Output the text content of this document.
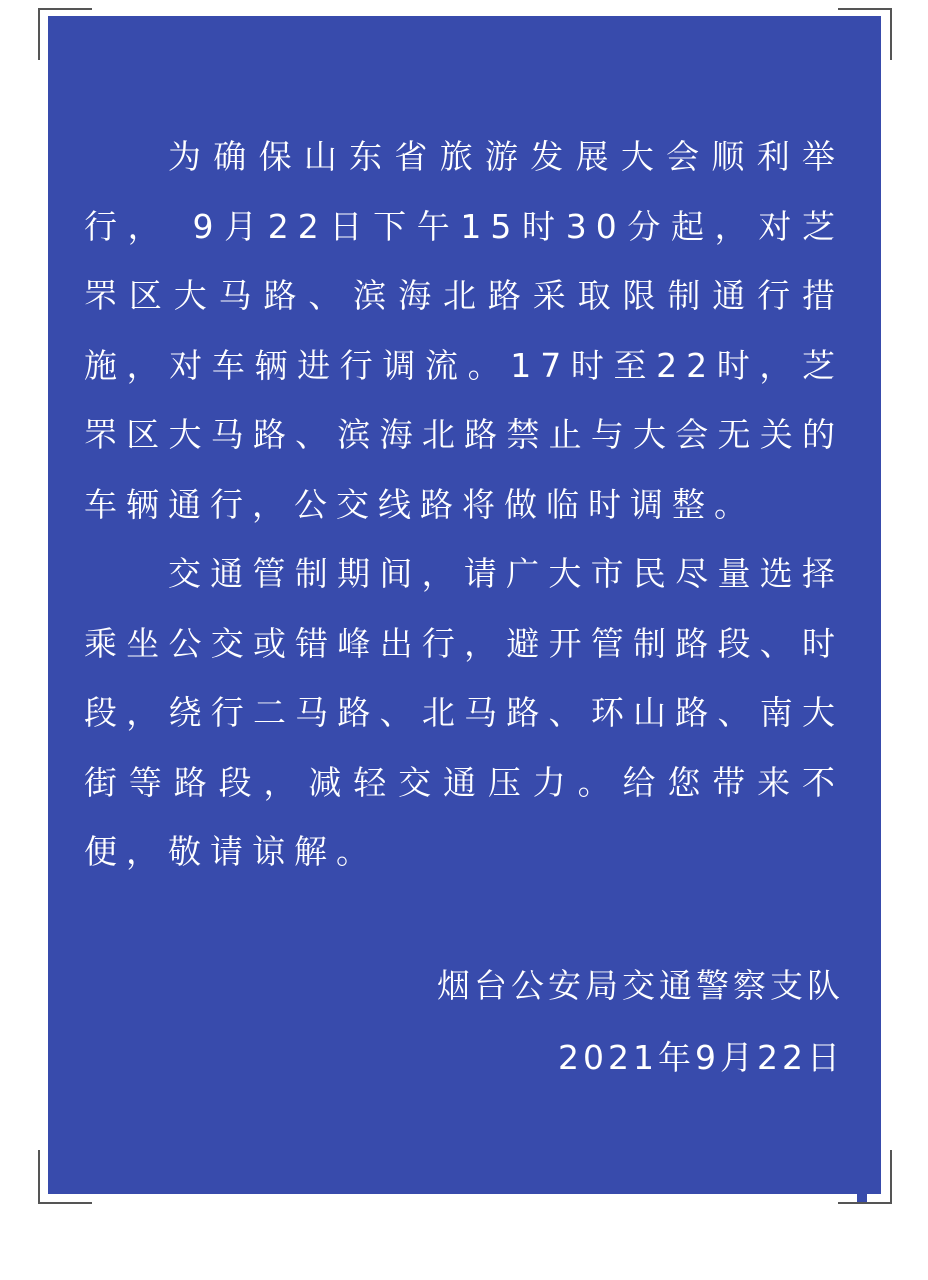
为确保山东省旅游发展大会顺利举行， 9月22日下午15时30分起，对芝罘区大马路、滨海北路采取限制通行措施，对车辆进行调流。17时至22时，芝罘区大马路、滨海北路禁止与大会无关的车辆通行，公交线路将做临时调整。

交通管制期间，请广大市民尽量选择乘坐公交或错峰出行，避开管制路段、时段，绕行二马路、北马路、环山路、南大街等路段，减轻交通压力。给您带来不便，敬请谅解。

烟台公安局交通警察支队
2021年9月22日
